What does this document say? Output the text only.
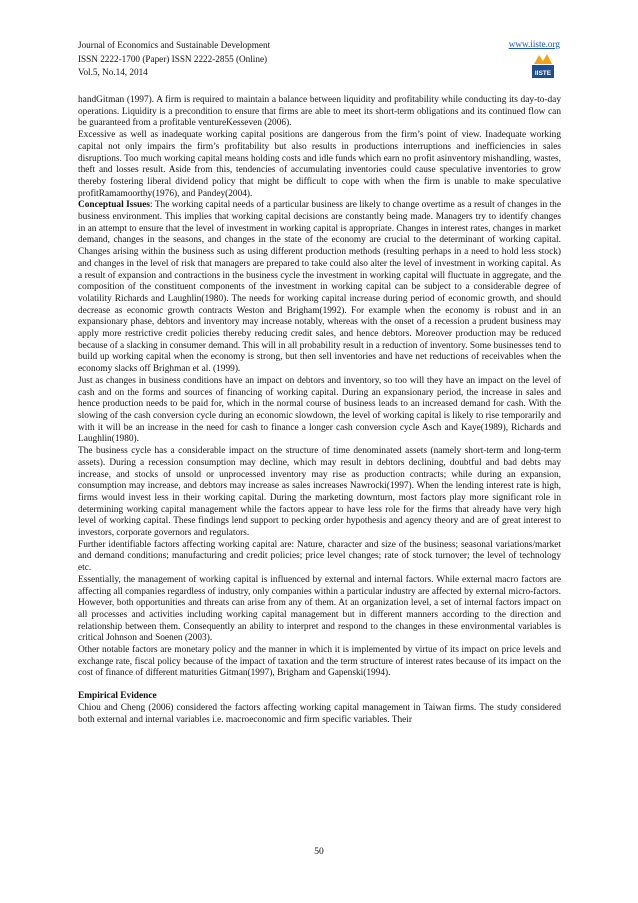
Journal of Economics and Sustainable Development
ISSN 2222-1700 (Paper) ISSN 2222-2855 (Online)
Vol.5, No.14, 2014
www.iiste.org
IISTE

handGitman (1997). A firm is required to maintain a balance between liquidity and profitability while conducting its day-to-day operations. Liquidity is a precondition to ensure that firms are able to meet its short-term obligations and its continued flow can be guaranteed from a profitable ventureKesseven (2006).

Excessive as well as inadequate working capital positions are dangerous from the firm’s point of view. Inadequate working capital not only impairs the firm’s profitability but also results in productions interruptions and inefficiencies in sales disruptions. Too much working capital means holding costs and idle funds which earn no profit asinventory mishandling, wastes, theft and losses result. Aside from this, tendencies of accumulating inventories could cause speculative inventories to grow thereby fostering liberal dividend policy that might be difficult to cope with when the firm is unable to make speculative profitRamamoorthy(1976), and Pandey(2004).

Conceptual Issues: The working capital needs of a particular business are likely to change overtime as a result of changes in the business environment. This implies that working capital decisions are constantly being made. Managers try to identify changes in an attempt to ensure that the level of investment in working capital is appropriate. Changes in interest rates, changes in market demand, changes in the seasons, and changes in the state of the economy are crucial to the determinant of working capital. Changes arising within the business such as using different production methods (resulting perhaps in a need to hold less stock) and changes in the level of risk that managers are prepared to take could also alter the level of investment in working capital. As a result of expansion and contractions in the business cycle the investment in working capital will fluctuate in aggregate, and the composition of the constituent components of the investment in working capital can be subject to a considerable degree of volatility Richards and Laughlin(1980). The needs for working capital increase during period of economic growth, and should decrease as economic growth contracts Weston and Brigham(1992). For example when the economy is robust and in an expansionary phase, debtors and inventory may increase notably, whereas with the onset of a recession a prudent business may apply more restrictive credit policies thereby reducing credit sales, and hence debtors. Moreover production may be reduced because of a slacking in consumer demand. This will in all probability result in a reduction of inventory. Some businesses tend to build up working capital when the economy is strong, but then sell inventories and have net reductions of receivables when the economy slacks off Brighman et al. (1999).

Just as changes in business conditions have an impact on debtors and inventory, so too will they have an impact on the level of cash and on the forms and sources of financing of working capital. During an expansionary period, the increase in sales and hence production needs to be paid for, which in the normal course of business leads to an increased demand for cash. With the slowing of the cash conversion cycle during an economic slowdown, the level of working capital is likely to rise temporarily and with it will be an increase in the need for cash to finance a longer cash conversion cycle Asch and Kaye(1989), Richards and Laughlin(1980).

The business cycle has a considerable impact on the structure of time denominated assets (namely short-term and long-term assets). During a recession consumption may decline, which may result in debtors declining, doubtful and bad debts may increase, and stocks of unsold or unprocessed inventory may rise as production contracts; while during an expansion, consumption may increase, and debtors may increase as sales increases Nawrocki(1997). When the lending interest rate is high, firms would invest less in their working capital. During the marketing downturn, most factors play more significant role in determining working capital management while the factors appear to have less role for the firms that already have very high level of working capital. These findings lend support to pecking order hypothesis and agency theory and are of great interest to investors, corporate governors and regulators.

Further identifiable factors affecting working capital are: Nature, character and size of the business; seasonal variations/market and demand conditions; manufacturing and credit policies; price level changes; rate of stock turnover; the level of technology etc.

Essentially, the management of working capital is influenced by external and internal factors. While external macro factors are affecting all companies regardless of industry, only companies within a particular industry are affected by external micro-factors. However, both opportunities and threats can arise from any of them. At an organization level, a set of internal factors impact on all processes and activities including working capital management but in different manners according to the direction and relationship between them. Consequently an ability to interpret and respond to the changes in these environmental variables is critical Johnson and Soenen (2003).

Other notable factors are monetary policy and the manner in which it is implemented by virtue of its impact on price levels and exchange rate, fiscal policy because of the impact of taxation and the term structure of interest rates because of its impact on the cost of finance of different maturities Gitman(1997), Brigham and Gapenski(1994).

Empirical Evidence

Chiou and Cheng (2006) considered the factors affecting working capital management in Taiwan firms. The study considered both external and internal variables i.e. macroeconomic and firm specific variables. Their

50
